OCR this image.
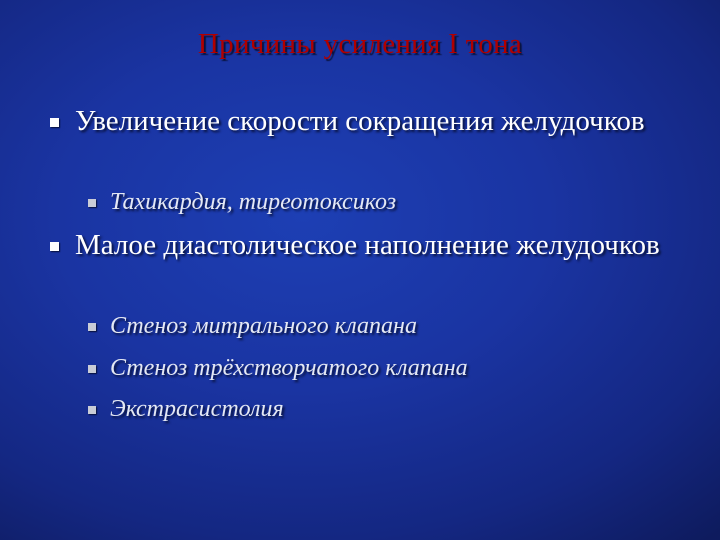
Причины усиления I тона
Увеличение скорости сокращения желудочков
Тахикардия, тиреотоксикоз
Малое диастолическое наполнение желудочков
Стеноз митрального клапана
Стеноз трёхстворчатого клапана
Экстрасистолия
